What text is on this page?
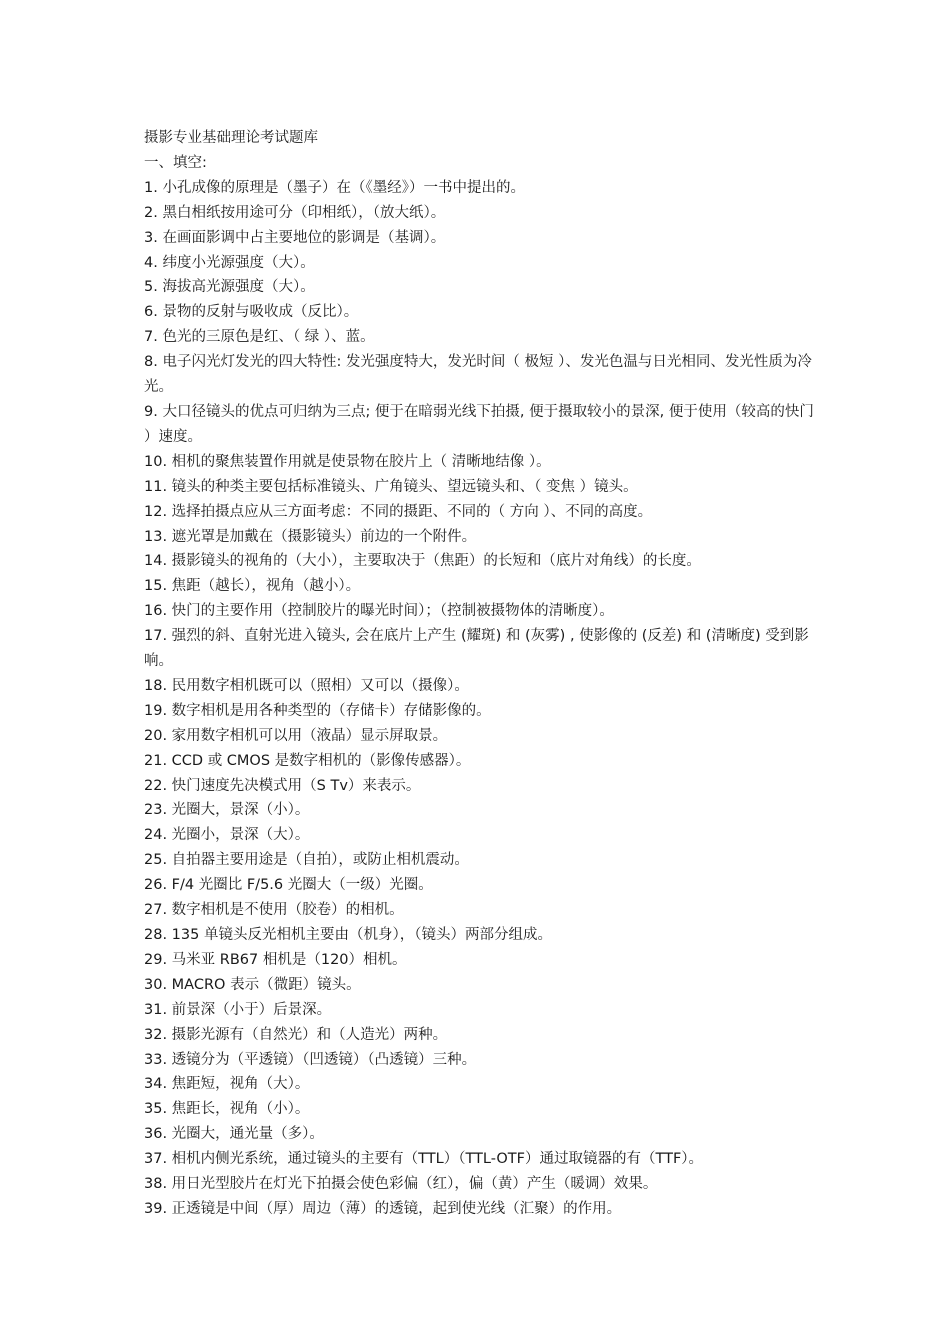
摄影专业基础理论考试题库

一、填空:

1. 小孔成像的原理是（墨子）在（《墨经》）一书中提出的。

2. 黑白相纸按用途可分（印相纸），（放大纸）。

3. 在画面影调中占主要地位的影调是（基调）。

4. 纬度小光源强度（大）。

5. 海拔高光源强度（大）。

6. 景物的反射与吸收成（反比）。

7. 色光的三原色是红、（ 绿 ）、蓝。

8. 电子闪光灯发光的四大特性: 发光强度特大，发光时间（ 极短 ）、发光色温与日光相同、发光性质为冷光。

9. 大口径镜头的优点可归纳为三点; 便于在暗弱光线下拍摄, 便于摄取较小的景深, 便于使用（较高的快门 ）速度。

10. 相机的聚焦装置作用就是使景物在胶片上（ 清晰地结像 ）。

11. 镜头的种类主要包括标准镜头、广角镜头、望远镜头和、（ 变焦 ）镜头。

12. 选择拍摄点应从三方面考虑：不同的摄距、不同的（ 方向 ）、不同的高度。

13. 遮光罩是加戴在（摄影镜头）前边的一个附件。

14. 摄影镜头的视角的（大小），主要取决于（焦距）的长短和（底片对角线）的长度。

15. 焦距（越长），视角（越小）。

16. 快门的主要作用（控制胶片的曝光时间）；（控制被摄物体的清晰度）。

17. 强烈的斜、直射光进入镜头, 会在底片上产生 (耀斑) 和 (灰雾) , 使影像的 (反差) 和 (清晰度) 受到影响。

18. 民用数字相机既可以（照相）又可以（摄像）。

19. 数字相机是用各种类型的（存储卡）存储影像的。

20. 家用数字相机可以用（液晶）显示屏取景。

21. CCD 或 CMOS 是数字相机的（影像传感器）。

22. 快门速度先决模式用（S Tv）来表示。

23. 光圈大，景深（小）。

24. 光圈小，景深（大）。

25. 自拍器主要用途是（自拍），或防止相机震动。

26. F/4 光圈比 F/5.6 光圈大（一级）光圈。

27. 数字相机是不使用（胶卷）的相机。

28. 135 单镜头反光相机主要由（机身），（镜头）两部分组成。

29. 马米亚 RB67 相机是（120）相机。

30. MACRO 表示（微距）镜头。

31. 前景深（小于）后景深。

32. 摄影光源有（自然光）和（人造光）两种。

33. 透镜分为（平透镜）（凹透镜）（凸透镜）三种。

34. 焦距短，视角（大）。

35. 焦距长，视角（小）。

36. 光圈大，通光量（多）。

37. 相机内侧光系统，通过镜头的主要有（TTL）（TTL-OTF）通过取镜器的有（TTF）。

38. 用日光型胶片在灯光下拍摄会使色彩偏（红），偏（黄）产生（暖调）效果。

39. 正透镜是中间（厚）周边（薄）的透镜，起到使光线（汇聚）的作用。
